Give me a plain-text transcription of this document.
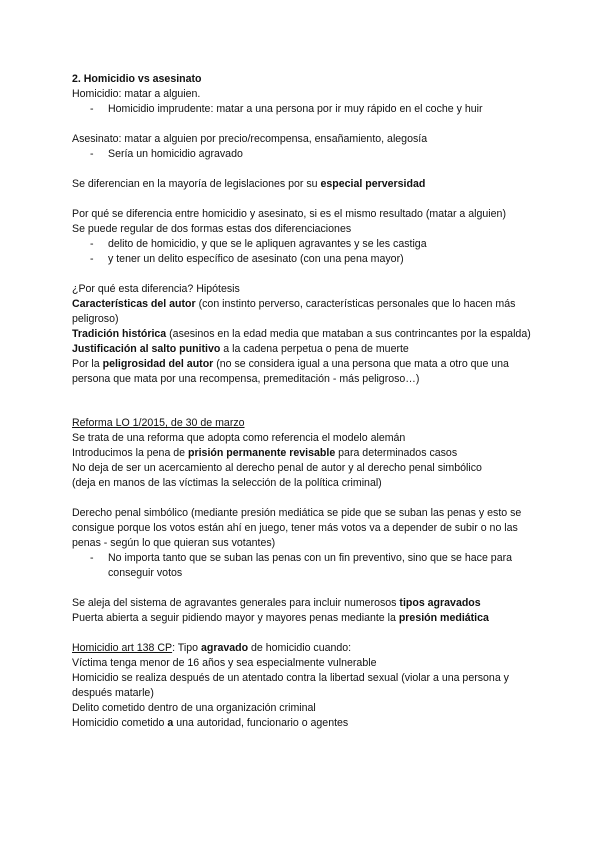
2. Homicidio vs asesinato

Homicidio: matar a alguien.

- Homicidio imprudente: matar a una persona por ir muy rápido en el coche y huir

Asesinato: matar a alguien por precio/recompensa, ensañamiento, alegosía

- Sería un homicidio agravado

Se diferencian en la mayoría de legislaciones por su especial perversidad

Por qué se diferencia entre homicidio y asesinato, si es el mismo resultado (matar a alguien)

Se puede regular de dos formas estas dos diferenciaciones

- delito de homicidio, y que se le apliquen agravantes y se les castiga
- y tener un delito específico de asesinato (con una pena mayor)

¿Por qué esta diferencia? Hipótesis

Características del autor (con instinto perverso, características personales que lo hacen más peligroso)

Tradición histórica (asesinos en la edad media que mataban a sus contrincantes por la espalda)

Justificación al salto punitivo a la cadena perpetua o pena de muerte

Por la peligrosidad del autor (no se considera igual a una persona que mata a otro que una persona que mata por una recompensa, premeditación - más peligroso…)

Reforma LO 1/2015, de 30 de marzo

Se trata de una reforma que adopta como referencia el modelo alemán

Introducimos la pena de prisión permanente revisable para determinados casos

No deja de ser un acercamiento al derecho penal de autor y al derecho penal simbólico

(deja en manos de las víctimas la selección de la política criminal)

Derecho penal simbólico (mediante presión mediática se pide que se suban las penas y esto se consigue porque los votos están ahí en juego, tener más votos va a depender de subir o no las penas - según lo que quieran sus votantes)

- No importa tanto que se suban las penas con un fin preventivo, sino que se hace para conseguir votos

Se aleja del sistema de agravantes generales para incluir numerosos tipos agravados

Puerta abierta a seguir pidiendo mayor y mayores penas mediante la presión mediática

Homicidio art 138 CP: Tipo agravado de homicidio cuando:

Víctima tenga menor de 16 años y sea especialmente vulnerable

Homicidio se realiza después de un atentado contra la libertad sexual (violar a una persona y después matarle)

Delito cometido dentro de una organización criminal

Homicidio cometido a una autoridad, funcionario o agentes
